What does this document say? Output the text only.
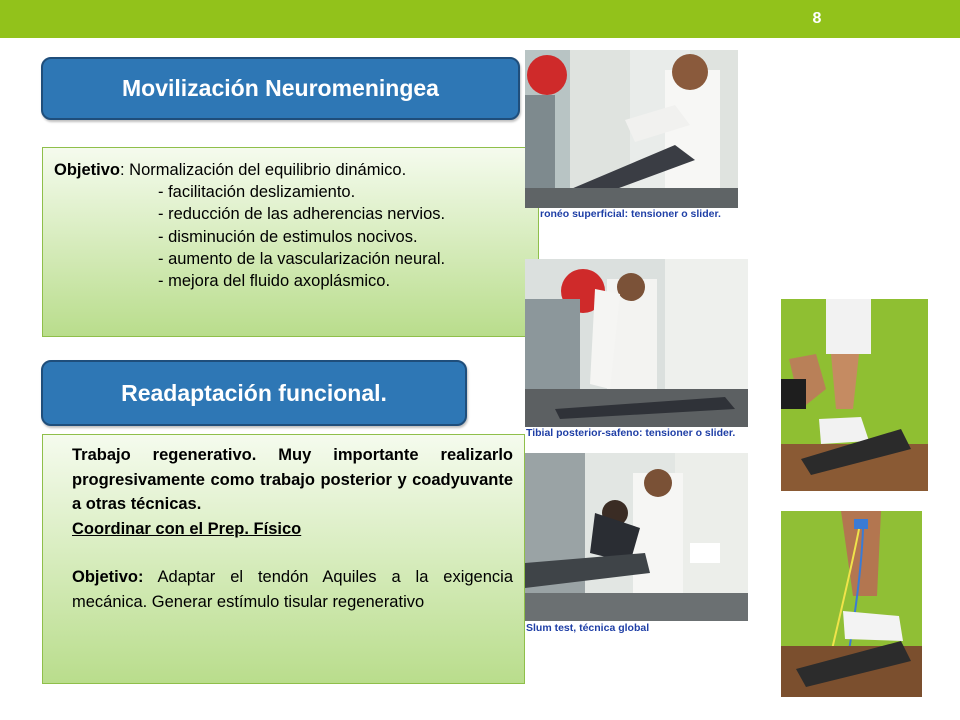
8
Movilización Neuromeningea
Objetivo: Normalización del equilibrio dinámico.
- facilitación deslizamiento.
- reducción de las adherencias nervios.
- disminución de estimulos nocivos.
- aumento de la vascularización neural.
- mejora del fluido axoplásmico.
Readaptación funcional.

Trabajo regenerativo. Muy importante realizarlo progresivamente como trabajo posterior y coadyuvante a otras técnicas.

Coordinar con el Prep. Físico

Objetivo: Adaptar el tendón Aquiles a la exigencia mecánica. Generar estímulo tisular regenerativo

ronéo superficial: tensioner o slider.
Tibial posterior-safeno: tensioner o slider.
Slum test, técnica global
